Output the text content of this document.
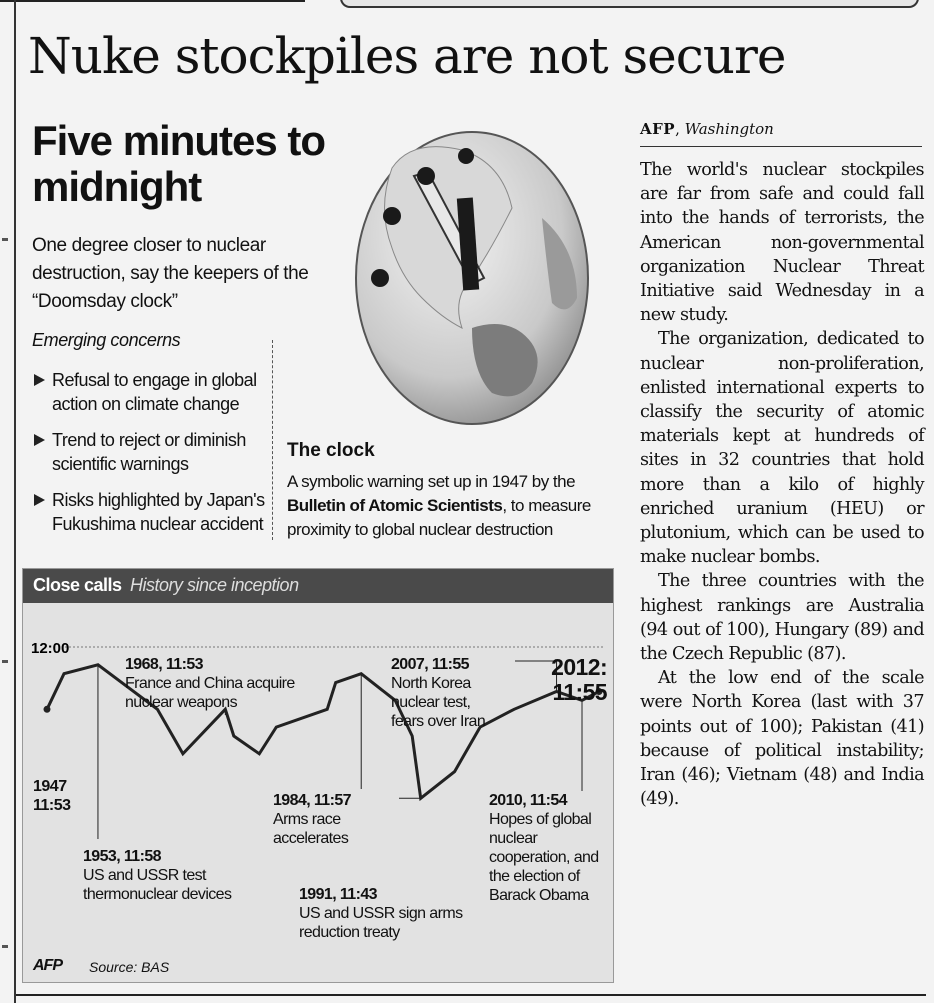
Nuke stockpiles are not secure
Five minutes to
midnight
One degree closer to nuclear destruction, say the keepers of the “Doomsday clock”
Emerging concerns
Refusal to engage in global action on climate change
Trend to reject or diminish scientific warnings
Risks highlighted by Japan's Fukushima nuclear accident
The clock
A symbolic warning set up in 1947 by the Bulletin of Atomic Scientists, to measure proximity to global nuclear destruction
Close calls History since inception
12:00
1947
11:53
1953, 11:58
US and USSR test thermonuclear devices
1968, 11:53
France and China acquire nuclear weapons
1984, 11:57
Arms race accelerates
1991, 11:43
US and USSR sign arms reduction treaty
2007, 11:55
North Korea nuclear test, fears over Iran
2010, 11:54
Hopes of global nuclear cooperation, and the election of Barack Obama
2012:
11:55
AFP Source: BAS
AFP, Washington

The world's nuclear stockpiles are far from safe and could fall into the hands of terrorists, the American non-governmental organization Nuclear Threat Initiative said Wednesday in a new study.

The organization, dedicated to nuclear non-proliferation, enlisted international experts to classify the security of atomic materials kept at hundreds of sites in 32 countries that hold more than a kilo of highly enriched uranium (HEU) or plutonium, which can be used to make nuclear bombs.

The three countries with the highest rankings are Australia (94 out of 100), Hungary (89) and the Czech Republic (87).

At the low end of the scale were North Korea (last with 37 points out of 100); Pakistan (41) because of political instability; Iran (46); Vietnam (48) and India (49).
